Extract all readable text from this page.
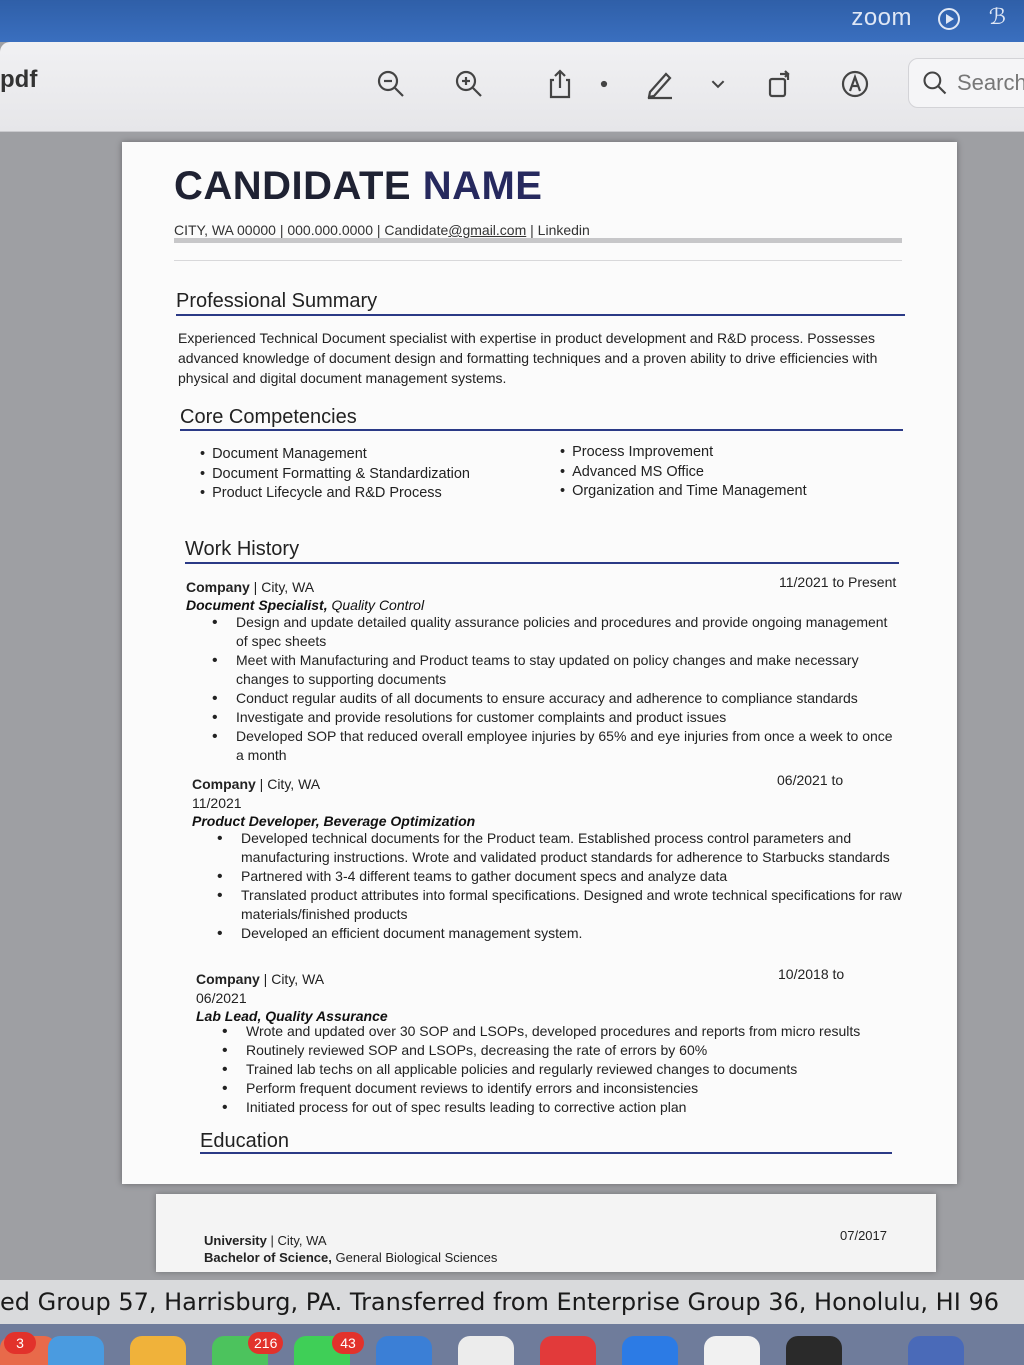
zoom	ℬ
pdf
Search
CANDIDATE NAME
CITY, WA 00000 | 000.000.0000 | Candidate@gmail.com | Linkedin
Professional Summary
Experienced Technical Document specialist with expertise in product development and R&D process. Possesses advanced knowledge of document design and formatting techniques and a proven ability to drive efficiencies with physical and digital document management systems.
Core Competencies
• Document Management
• Document Formatting & Standardization
• Product Lifecycle and R&D Process
• Process Improvement
• Advanced MS Office
• Organization and Time Management
Work History
Company | City, WA	11/2021 to Present
Document Specialist, Quality Control
• Design and update detailed quality assurance policies and procedures and provide ongoing management of spec sheets
• Meet with Manufacturing and Product teams to stay updated on policy changes and make necessary changes to supporting documents
• Conduct regular audits of all documents to ensure accuracy and adherence to compliance standards
• Investigate and provide resolutions for customer complaints and product issues
• Developed SOP that reduced overall employee injuries by 65% and eye injuries from once a week to once a month
Company | City, WA	06/2021 to
11/2021
Product Developer, Beverage Optimization
• Developed technical documents for the Product team. Established process control parameters and manufacturing instructions. Wrote and validated product standards for adherence to Starbucks standards
• Partnered with 3-4 different teams to gather document specs and analyze data
• Translated product attributes into formal specifications. Designed and wrote technical specifications for raw materials/finished products
• Developed an efficient document management system.
Company | City, WA	10/2018 to
06/2021
Lab Lead, Quality Assurance
• Wrote and updated over 30 SOP and LSOPs, developed procedures and reports from micro results
• Routinely reviewed SOP and LSOPs, decreasing the rate of errors by 60%
• Trained lab techs on all applicable policies and regularly reviewed changes to documents
• Perform frequent document reviews to identify errors and inconsistencies
• Initiated process for out of spec results leading to corrective action plan
Education
University | City, WA	07/2017
Bachelor of Science, General Biological Sciences
ed Group 57, Harrisburg, PA. Transferred from Enterprise Group 36, Honolulu, HI 96
3	216	43
